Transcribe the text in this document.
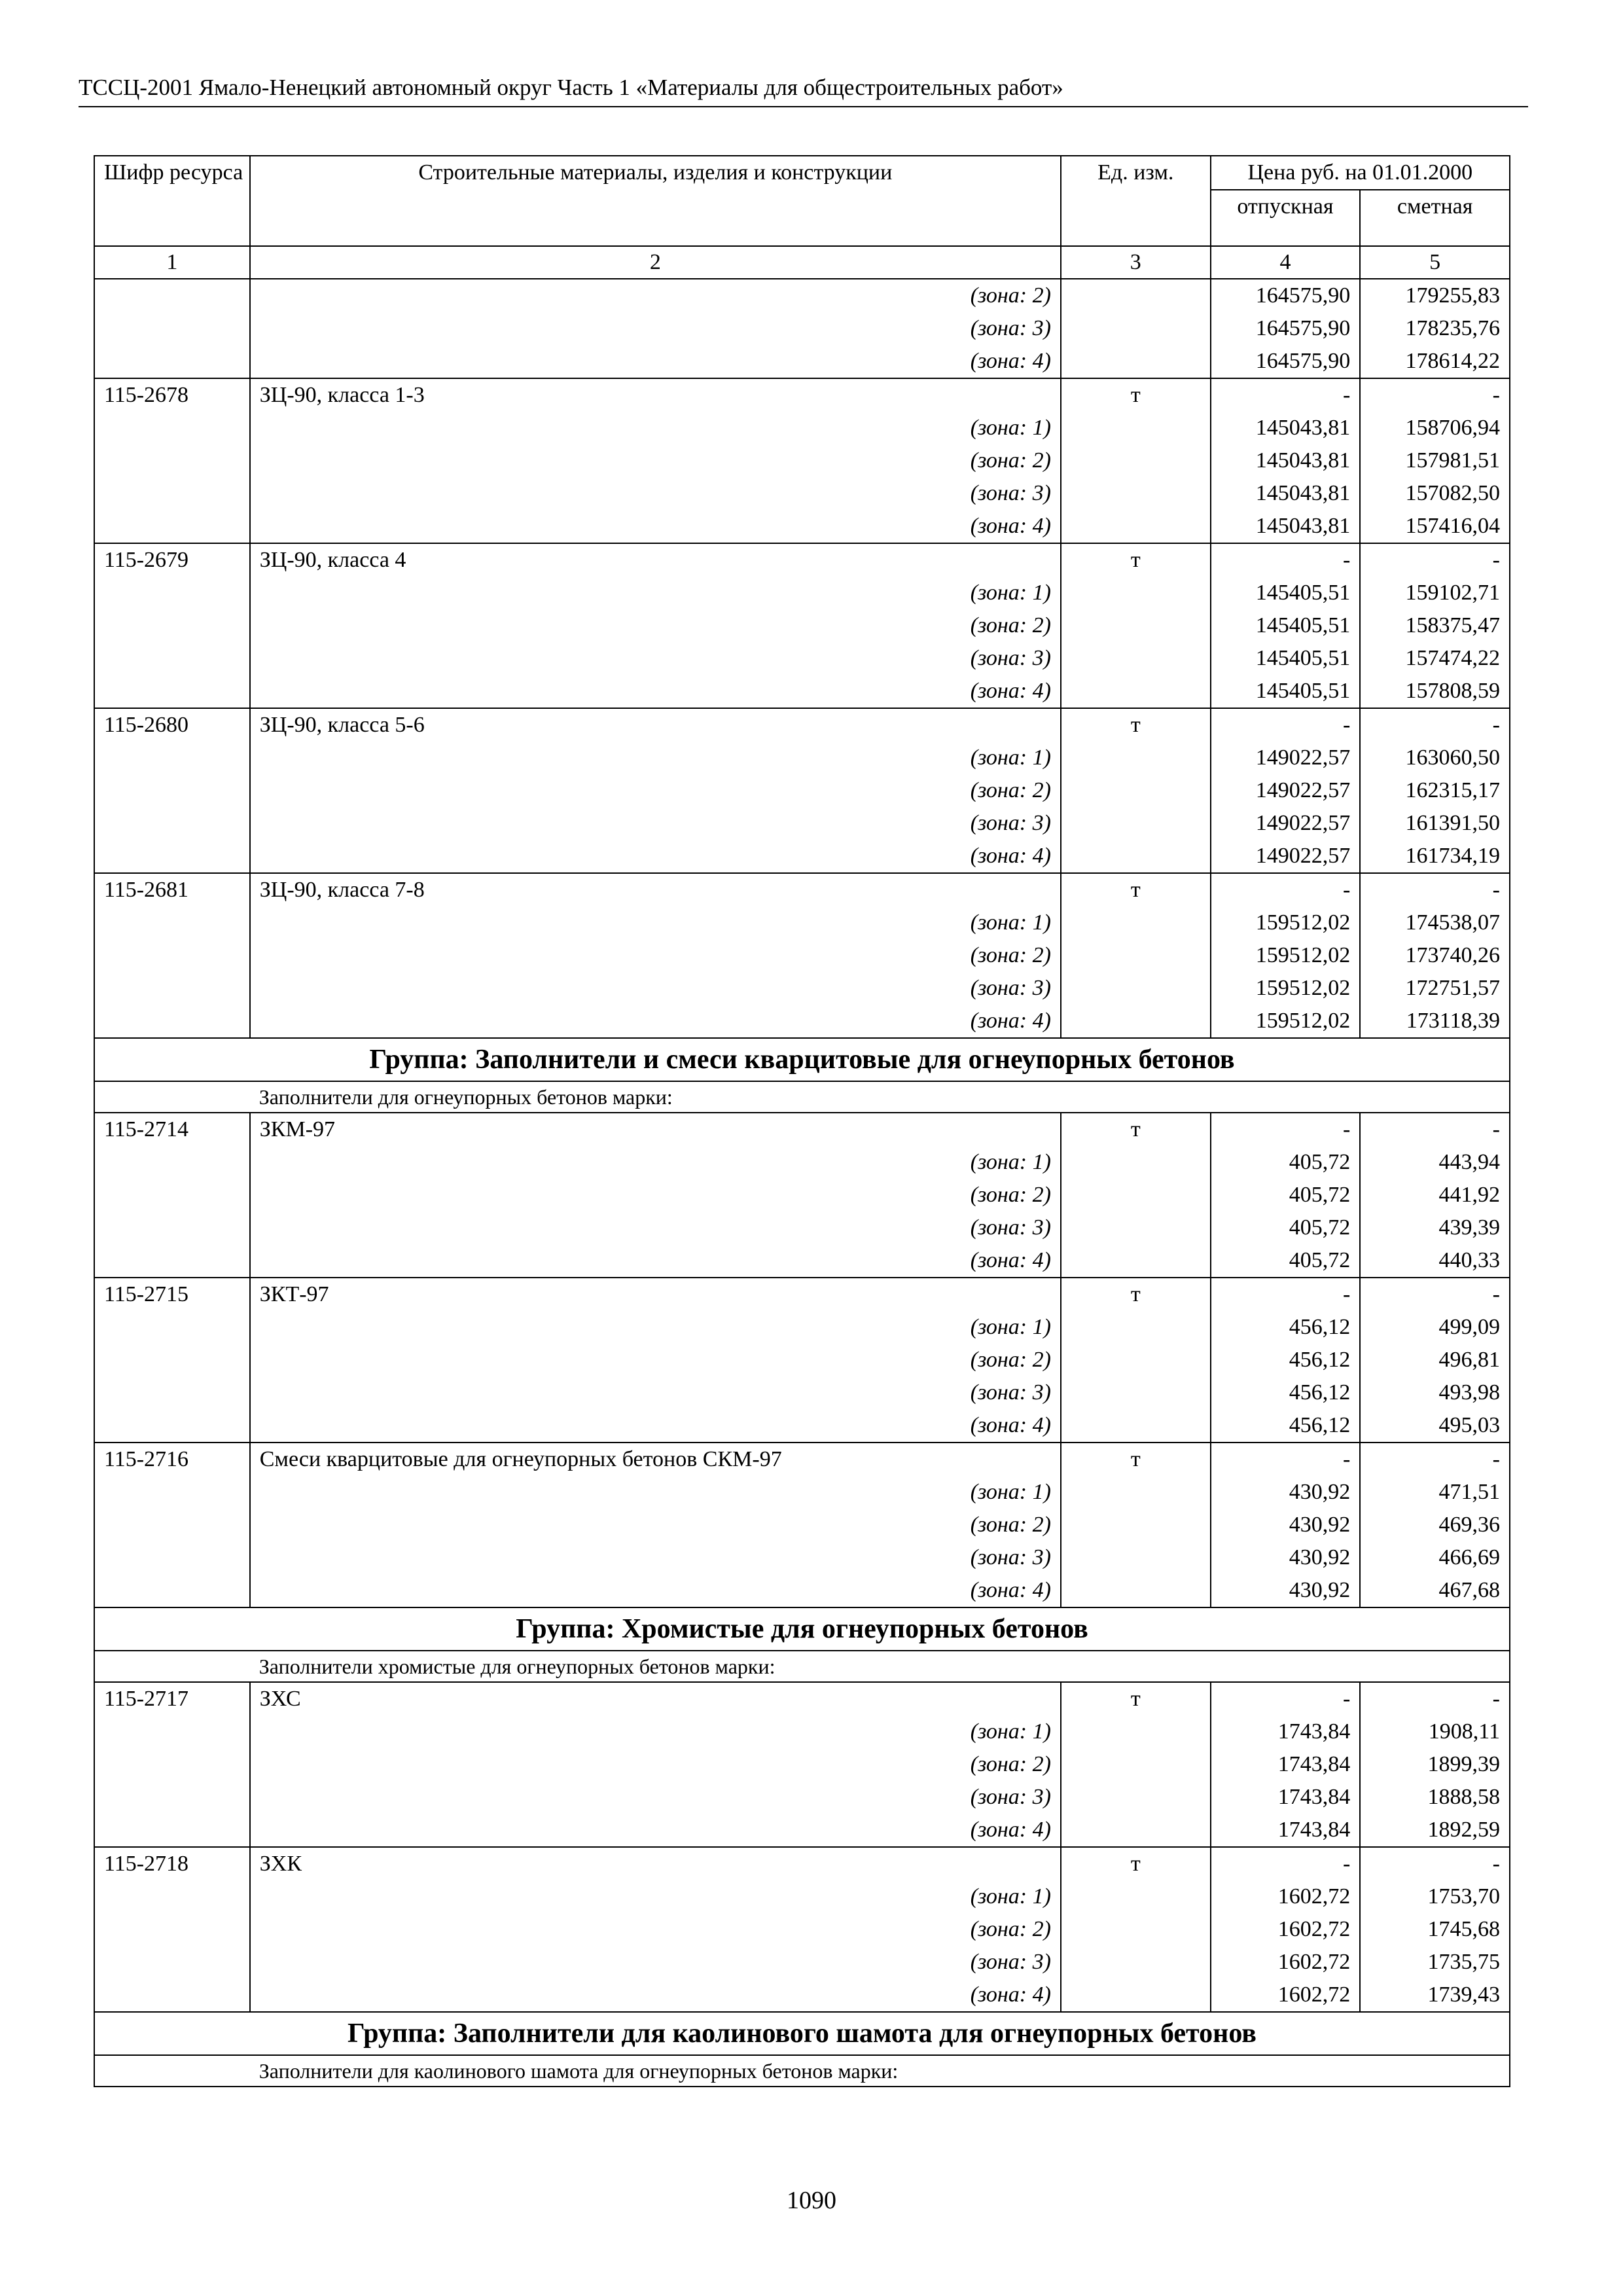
ТССЦ-2001 Ямало-Ненецкий автономный округ Часть 1 «Материалы для общестроительных работ»
Шифр ресурса	Строительные материалы, изделия и конструкции	Ед. изм.	Цена руб. на 01.01.2000	
			отпускная	сметная
1	2	3	4	5
	(зона: 2)		164575,90	179255,83
	(зона: 3)		164575,90	178235,76
	(зона: 4)		164575,90	178614,22
115-2678	ЗЦ-90, класса 1-3	т	-	-
	(зона: 1)		145043,81	158706,94
	(зона: 2)		145043,81	157981,51
	(зона: 3)		145043,81	157082,50
	(зона: 4)		145043,81	157416,04
115-2679	ЗЦ-90, класса 4	т	-	-
	(зона: 1)		145405,51	159102,71
	(зона: 2)		145405,51	158375,47
	(зона: 3)		145405,51	157474,22
	(зона: 4)		145405,51	157808,59
115-2680	ЗЦ-90, класса 5-6	т	-	-
	(зона: 1)		149022,57	163060,50
	(зона: 2)		149022,57	162315,17
	(зона: 3)		149022,57	161391,50
	(зона: 4)		149022,57	161734,19
115-2681	ЗЦ-90, класса 7-8	т	-	-
	(зона: 1)		159512,02	174538,07
	(зона: 2)		159512,02	173740,26
	(зона: 3)		159512,02	172751,57
	(зона: 4)		159512,02	173118,39
Группа: Заполнители и смеси кварцитовые для огнеупорных бетонов				
	Заполнители для огнеупорных бетонов марки:			
115-2714	ЗКМ-97	т	-	-
	(зона: 1)		405,72	443,94
	(зона: 2)		405,72	441,92
	(зона: 3)		405,72	439,39
	(зона: 4)		405,72	440,33
115-2715	ЗКТ-97	т	-	-
	(зона: 1)		456,12	499,09
	(зона: 2)		456,12	496,81
	(зона: 3)		456,12	493,98
	(зона: 4)		456,12	495,03
115-2716	Смеси кварцитовые для огнеупорных бетонов СКМ-97	т	-	-
	(зона: 1)		430,92	471,51
	(зона: 2)		430,92	469,36
	(зона: 3)		430,92	466,69
	(зона: 4)		430,92	467,68
Группа: Хромистые для огнеупорных бетонов				
	Заполнители хромистые для огнеупорных бетонов марки:			
115-2717	ЗХС	т	-	-
	(зона: 1)		1743,84	1908,11
	(зона: 2)		1743,84	1899,39
	(зона: 3)		1743,84	1888,58
	(зона: 4)		1743,84	1892,59
115-2718	ЗХК	т	-	-
	(зона: 1)		1602,72	1753,70
	(зона: 2)		1602,72	1745,68
	(зона: 3)		1602,72	1735,75
	(зона: 4)		1602,72	1739,43
Группа: Заполнители для каолинового шамота для огнеупорных бетонов				
	Заполнители для каолинового шамота для огнеупорных бетонов марки:			
1090
